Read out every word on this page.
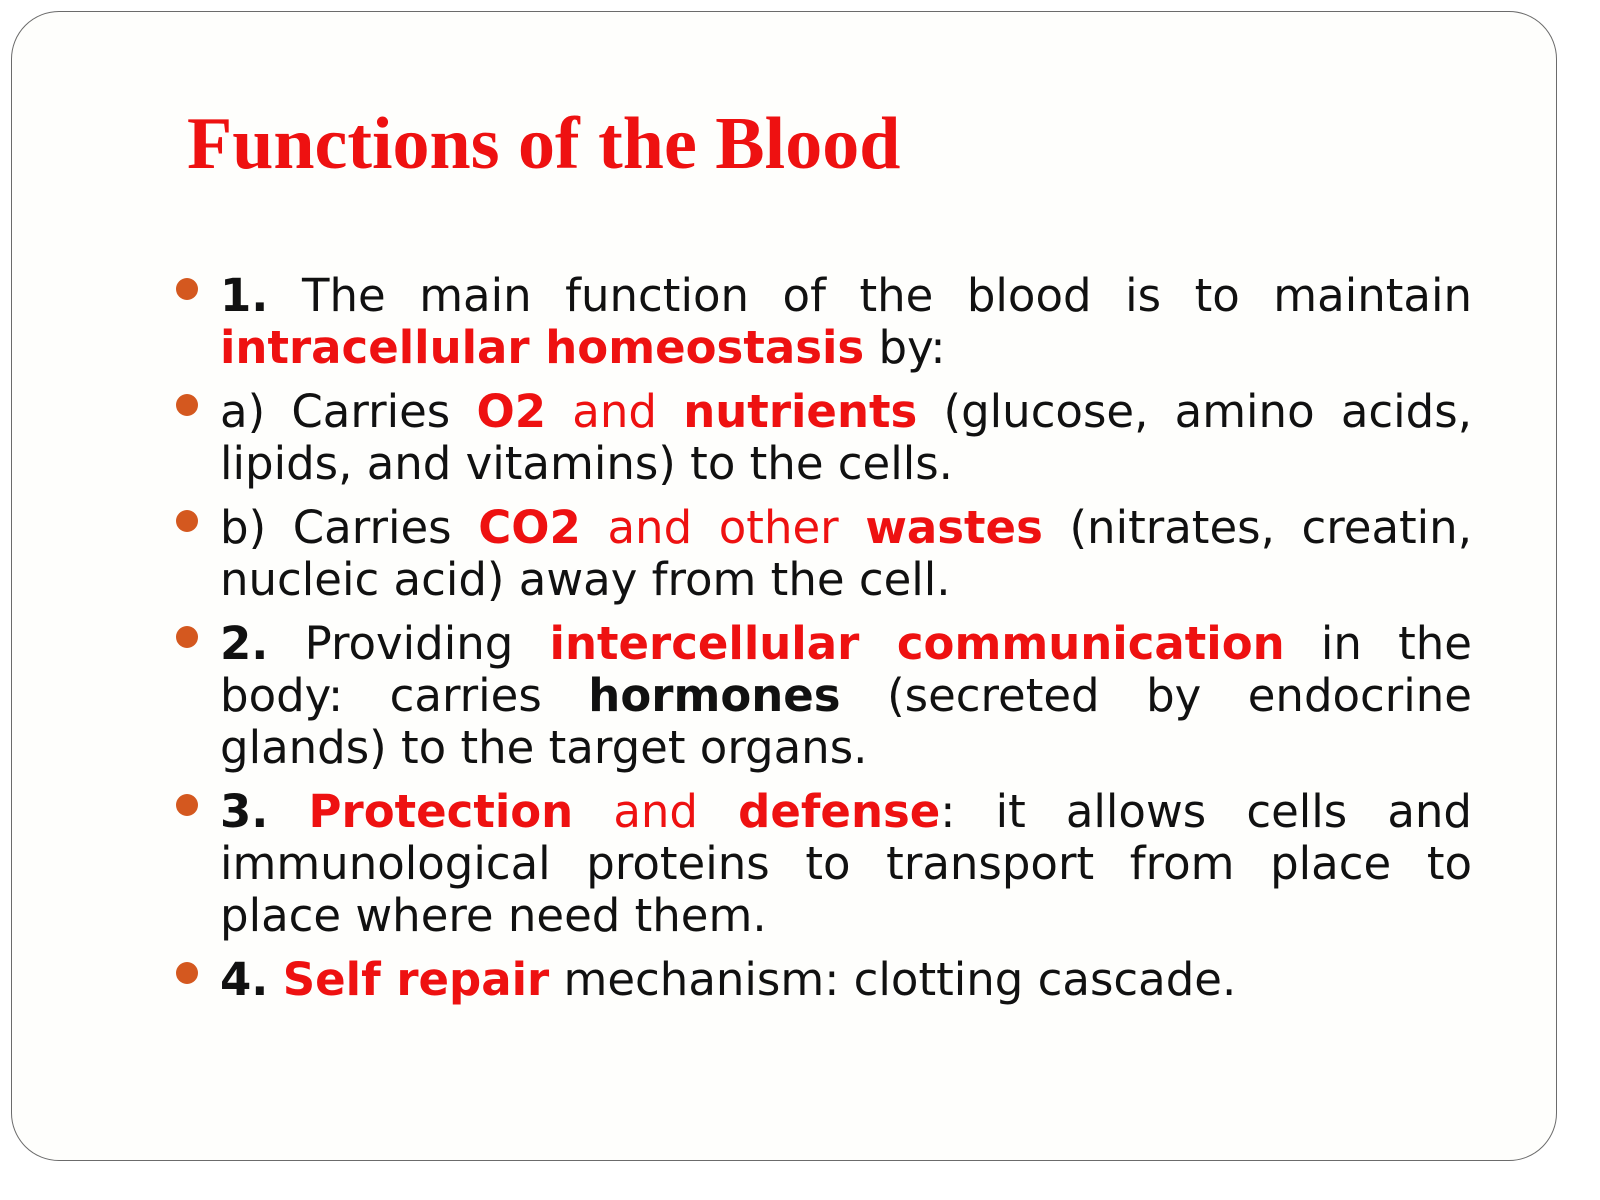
Functions of the Blood
1. The main function of the blood is to maintain intracellular homeostasis by:
a) Carries O2 and nutrients (glucose, amino acids, lipids, and vitamins) to the cells.
b) Carries CO2 and other wastes (nitrates, creatin, nucleic acid) away from the cell.
2. Providing intercellular communication in the body: carries hormones (secreted by endocrine glands) to the target organs.
3. Protection and defense: it allows cells and immunological proteins to transport from place to place where need them.
4. Self repair mechanism: clotting cascade.
